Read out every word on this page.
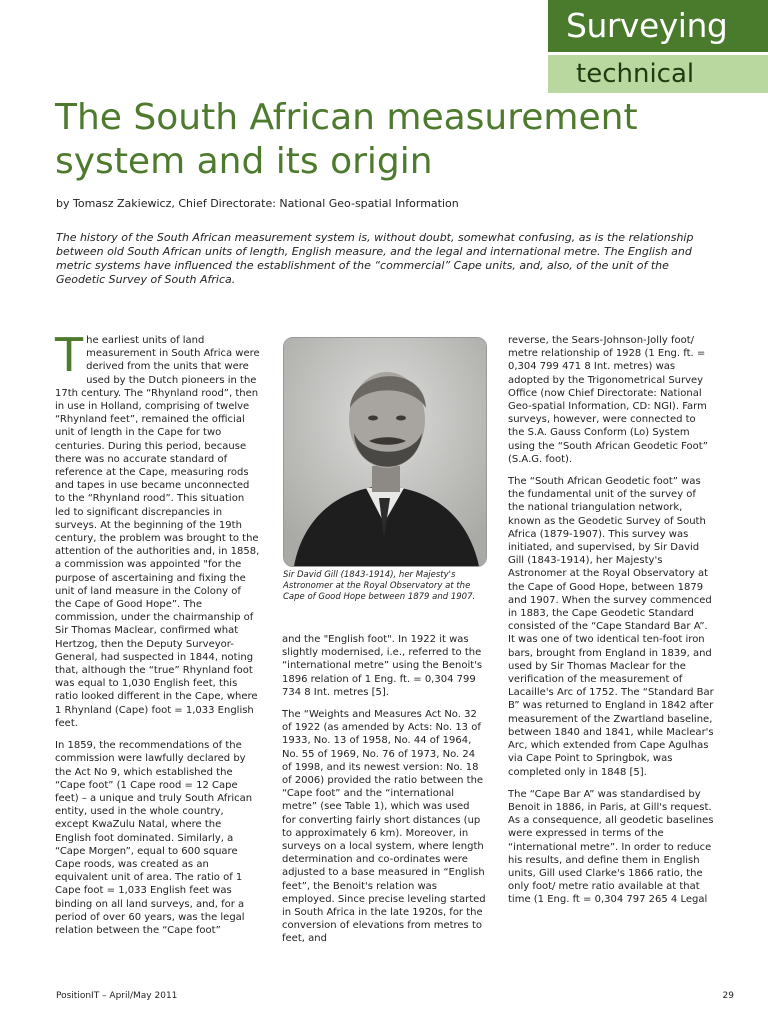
Surveying
technical
The South African measurement system and its origin
by Tomasz Zakiewicz, Chief Directorate: National Geo-spatial Information
The history of the South African measurement system is, without doubt, somewhat confusing, as is the relationship between old South African units of length, English measure, and the legal and international metre. The English and metric systems have influenced the establishment of the “commercial” Cape units, and, also, of the unit of the Geodetic Survey of South Africa.

The earliest units of land measurement in South Africa were derived from the units that were used by the Dutch pioneers in the 17th century. The “Rhynland rood”, then in use in Holland, comprising of twelve “Rhynland feet”, remained the official unit of length in the Cape for two centuries. During this period, because there was no accurate standard of reference at the Cape, measuring rods and tapes in use became unconnected to the “Rhynland rood”. This situation led to significant discrepancies in surveys. At the beginning of the 19th century, the problem was brought to the attention of the authorities and, in 1858, a commission was appointed "for the purpose of ascertaining and fixing the unit of land measure in the Colony of the Cape of Good Hope”. The commission, under the chairmanship of Sir Thomas Maclear, confirmed what Hertzog, then the Deputy Surveyor-General, had suspected in 1844, noting that, although the “true” Rhynland foot was equal to 1,030 English feet, this ratio looked different in the Cape, where 1 Rhynland (Cape) foot = 1,033 English feet.

In 1859, the recommendations of the commission were lawfully declared by the Act No 9, which established the “Cape foot” (1 Cape rood = 12 Cape feet) – a unique and truly South African entity, used in the whole country, except KwaZulu Natal, where the English foot dominated. Similarly, a “Cape Morgen”, equal to 600 square Cape roods, was created as an equivalent unit of area. The ratio of 1 Cape foot = 1,033 English feet was binding on all land surveys, and, for a period of over 60 years, was the legal relation between the “Cape foot”

Sir David Gill (1843-1914), her Majesty's Astronomer at the Royal Observatory at the Cape of Good Hope between 1879 and 1907.

and the "English foot". In 1922 it was slightly modernised, i.e., referred to the “international metre” using the Benoit's 1896 relation of 1 Eng. ft. = 0,304 799 734 8 Int. metres [5].

The “Weights and Measures Act No. 32 of 1922 (as amended by Acts: No. 13 of 1933, No. 13 of 1958, No. 44 of 1964, No. 55 of 1969, No. 76 of 1973, No. 24 of 1998, and its newest version: No. 18 of 2006) provided the ratio between the “Cape foot” and the “international metre” (see Table 1), which was used for converting fairly short distances (up to approximately 6 km). Moreover, in surveys on a local system, where length determination and co-ordinates were adjusted to a base measured in “English feet”, the Benoit's relation was employed. Since precise leveling started in South Africa in the late 1920s, for the conversion of elevations from metres to feet, and

reverse, the Sears-Johnson-Jolly foot/ metre relationship of 1928 (1 Eng. ft. = 0,304 799 471 8 Int. metres) was adopted by the Trigonometrical Survey Office (now Chief Directorate: National Geo-spatial Information, CD: NGI). Farm surveys, however, were connected to the S.A. Gauss Conform (Lo) System using the “South African Geodetic Foot” (S.A.G. foot).

The “South African Geodetic foot” was the fundamental unit of the survey of the national triangulation network, known as the Geodetic Survey of South Africa (1879-1907). This survey was initiated, and supervised, by Sir David Gill (1843-1914), her Majesty's Astronomer at the Royal Observatory at the Cape of Good Hope, between 1879 and 1907. When the survey commenced in 1883, the Cape Geodetic Standard consisted of the “Cape Standard Bar A”. It was one of two identical ten-foot iron bars, brought from England in 1839, and used by Sir Thomas Maclear for the verification of the measurement of Lacaille's Arc of 1752. The “Standard Bar B” was returned to England in 1842 after measurement of the Zwartland baseline, between 1840 and 1841, while Maclear's Arc, which extended from Cape Agulhas via Cape Point to Springbok, was completed only in 1848 [5].

The “Cape Bar A” was standardised by Benoit in 1886, in Paris, at Gill's request. As a consequence, all geodetic baselines were expressed in terms of the “international metre”. In order to reduce his results, and define them in English units, Gill used Clarke's 1866 ratio, the only foot/ metre ratio available at that time (1 Eng. ft = 0,304 797 265 4 Legal

PositionIT – April/May 2011	29
